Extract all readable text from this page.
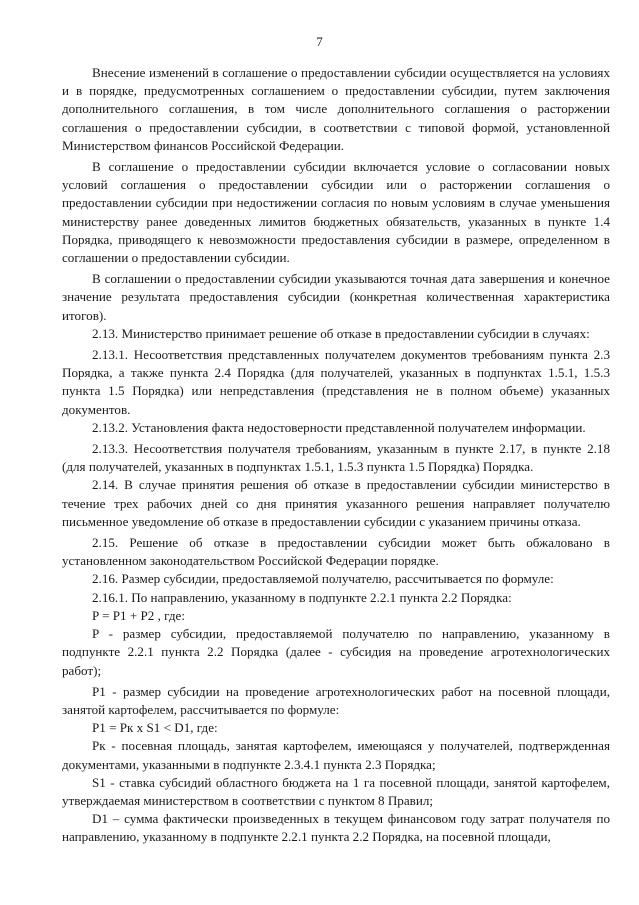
7

Внесение изменений в соглашение о предоставлении субсидии осуществляется на условиях и в порядке, предусмотренных соглашением о предоставлении субсидии, путем заключения дополнительного соглашения, в том числе дополнительного соглашения о расторжении соглашения о предоставлении субсидии, в соответствии с типовой формой, установленной Министерством финансов Российской Федерации.

В соглашение о предоставлении субсидии включается условие о согласовании новых условий соглашения о предоставлении субсидии или о расторжении соглашения о предоставлении субсидии при недостижении согласия по новым условиям в случае уменьшения министерству ранее доведенных лимитов бюджетных обязательств, указанных в пункте 1.4 Порядка, приводящего к невозможности предоставления субсидии в размере, определенном в соглашении о предоставлении субсидии.

В соглашении о предоставлении субсидии указываются точная дата завершения и конечное значение результата предоставления субсидии (конкретная количественная характеристика итогов).

2.13. Министерство принимает решение об отказе в предоставлении субсидии в случаях:

2.13.1. Несоответствия представленных получателем документов требованиям пункта 2.3 Порядка, а также пункта 2.4 Порядка (для получателей, указанных в подпунктах 1.5.1, 1.5.3 пункта 1.5 Порядка) или непредставления (представления не в полном объеме) указанных документов.

2.13.2. Установления факта недостоверности представленной получателем информации.

2.13.3. Несоответствия получателя требованиям, указанным в пункте 2.17, в пункте 2.18 (для получателей, указанных в подпунктах 1.5.1, 1.5.3 пункта 1.5 Порядка) Порядка.

2.14. В случае принятия решения об отказе в предоставлении субсидии министерство в течение трех рабочих дней со дня принятия указанного решения направляет получателю письменное уведомление об отказе в предоставлении субсидии с указанием причины отказа.

2.15. Решение об отказе в предоставлении субсидии может быть обжаловано в установленном законодательством Российской Федерации порядке.

2.16. Размер субсидии, предоставляемой получателю, рассчитывается по формуле:

2.16.1. По направлению, указанному в подпункте 2.2.1 пункта 2.2 Порядка:

P = P1 + P2 , где:

P - размер субсидии, предоставляемой получателю по направлению, указанному в подпункте 2.2.1 пункта 2.2 Порядка (далее - субсидия на проведение агротехнологических работ);

P1 - размер субсидии на проведение агротехнологических работ на посевной площади, занятой картофелем, рассчитывается по формуле:

P1 = Pк x S1 < D1, где:

Pк - посевная площадь, занятая картофелем, имеющаяся у получателей, подтвержденная документами, указанными в подпункте 2.3.4.1 пункта 2.3 Порядка;

S1 - ставка субсидий областного бюджета на 1 га посевной площади, занятой картофелем, утверждаемая министерством в соответствии с пунктом 8 Правил;

D1 – сумма фактически произведенных в текущем финансовом году затрат получателя по направлению, указанному в подпункте 2.2.1 пункта 2.2 Порядка, на посевной площади,
